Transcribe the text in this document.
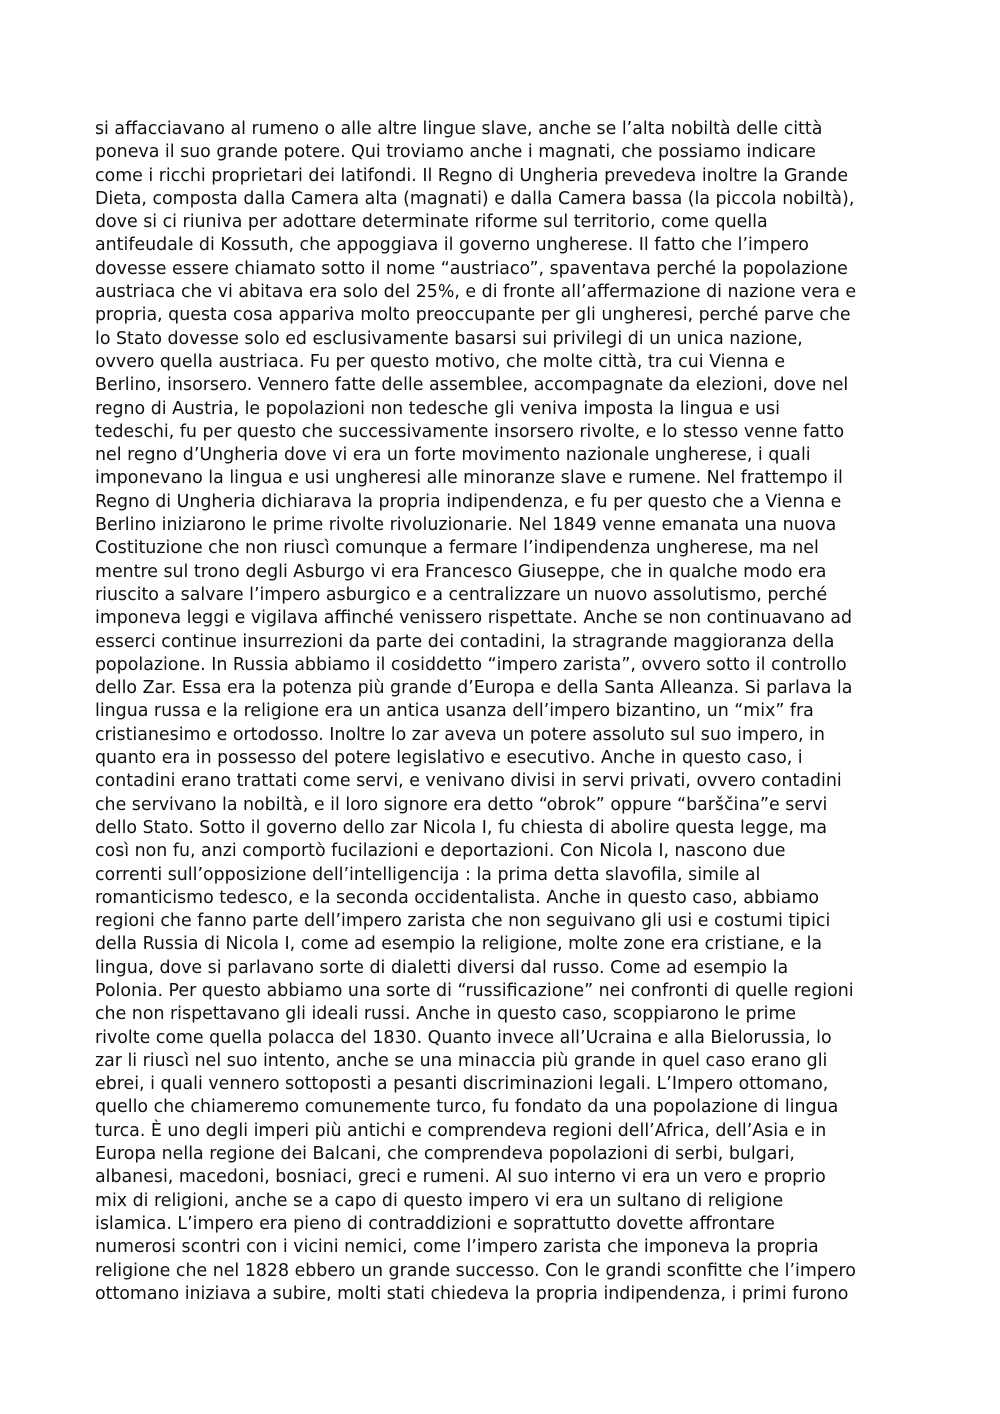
si affacciavano al rumeno o alle altre lingue slave, anche se l’alta nobiltà delle città
poneva il suo grande potere. Qui troviamo anche i magnati, che possiamo indicare
come i ricchi proprietari dei latifondi. Il Regno di Ungheria prevedeva inoltre la Grande
Dieta, composta dalla Camera alta (magnati) e dalla Camera bassa (la piccola nobiltà),
dove si ci riuniva per adottare determinate riforme sul territorio, come quella
antifeudale di Kossuth, che appoggiava il governo ungherese. Il fatto che l’impero
dovesse essere chiamato sotto il nome “austriaco”, spaventava perché la popolazione
austriaca che vi abitava era solo del 25%, e di fronte all’affermazione di nazione vera e
propria, questa cosa appariva molto preoccupante per gli ungheresi, perché parve che
lo Stato dovesse solo ed esclusivamente basarsi sui privilegi di un unica nazione,
ovvero quella austriaca. Fu per questo motivo, che molte città, tra cui Vienna e
Berlino, insorsero. Vennero fatte delle assemblee, accompagnate da elezioni, dove nel
regno di Austria, le popolazioni non tedesche gli veniva imposta la lingua e usi
tedeschi, fu per questo che successivamente insorsero rivolte, e lo stesso venne fatto
nel regno d’Ungheria dove vi era un forte movimento nazionale ungherese, i quali
imponevano la lingua e usi ungheresi alle minoranze slave e rumene. Nel frattempo il
Regno di Ungheria dichiarava la propria indipendenza, e fu per questo che a Vienna e
Berlino iniziarono le prime rivolte rivoluzionarie. Nel 1849 venne emanata una nuova
Costituzione che non riuscì comunque a fermare l’indipendenza ungherese, ma nel
mentre sul trono degli Asburgo vi era Francesco Giuseppe, che in qualche modo era
riuscito a salvare l’impero asburgico e a centralizzare un nuovo assolutismo, perché
imponeva leggi e vigilava affinché venissero rispettate. Anche se non continuavano ad
esserci continue insurrezioni da parte dei contadini, la stragrande maggioranza della
popolazione. In Russia abbiamo il cosiddetto “impero zarista”, ovvero sotto il controllo
dello Zar. Essa era la potenza più grande d’Europa e della Santa Alleanza. Si parlava la
lingua russa e la religione era un antica usanza dell’impero bizantino, un “mix” fra
cristianesimo e ortodosso. Inoltre lo zar aveva un potere assoluto sul suo impero, in
quanto era in possesso del potere legislativo e esecutivo. Anche in questo caso, i
contadini erano trattati come servi, e venivano divisi in servi privati, ovvero contadini
che servivano la nobiltà, e il loro signore era detto “obrok” oppure “barščina”e servi
dello Stato. Sotto il governo dello zar Nicola I, fu chiesta di abolire questa legge, ma
così non fu, anzi comportò fucilazioni e deportazioni. Con Nicola I, nascono due
correnti sull’opposizione dell’intelligencija : la prima detta slavofila, simile al
romanticismo tedesco, e la seconda occidentalista. Anche in questo caso, abbiamo
regioni che fanno parte dell’impero zarista che non seguivano gli usi e costumi tipici
della Russia di Nicola I, come ad esempio la religione, molte zone era cristiane, e la
lingua, dove si parlavano sorte di dialetti diversi dal russo. Come ad esempio la
Polonia. Per questo abbiamo una sorte di “russificazione” nei confronti di quelle regioni
che non rispettavano gli ideali russi. Anche in questo caso, scoppiarono le prime
rivolte come quella polacca del 1830. Quanto invece all’Ucraina e alla Bielorussia, lo
zar li riuscì nel suo intento, anche se una minaccia più grande in quel caso erano gli
ebrei, i quali vennero sottoposti a pesanti discriminazioni legali. L’Impero ottomano,
quello che chiameremo comunemente turco, fu fondato da una popolazione di lingua
turca. È uno degli imperi più antichi e comprendeva regioni dell’Africa, dell’Asia e in
Europa nella regione dei Balcani, che comprendeva popolazioni di serbi, bulgari,
albanesi, macedoni, bosniaci, greci e rumeni. Al suo interno vi era un vero e proprio
mix di religioni, anche se a capo di questo impero vi era un sultano di religione
islamica. L’impero era pieno di contraddizioni e soprattutto dovette affrontare
numerosi scontri con i vicini nemici, come l’impero zarista che imponeva la propria
religione che nel 1828 ebbero un grande successo. Con le grandi sconfitte che l’impero
ottomano iniziava a subire, molti stati chiedeva la propria indipendenza, i primi furono
